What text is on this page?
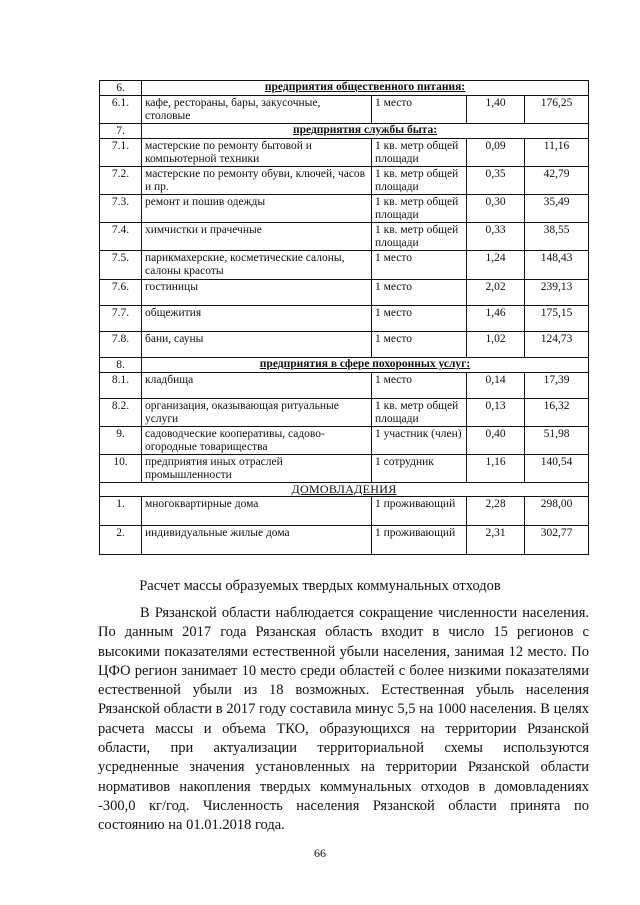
6.	предприятия общественного питания:			
6.1.	кафе, рестораны, бары, закусочные, столовые	1 место	1,40	176,25
7.	предприятия службы быта:			
7.1.	мастерские по ремонту бытовой и компьютерной техники	1 кв. метр общей площади	0,09	11,16
7.2.	мастерские по ремонту обуви, ключей, часов и пр.	1 кв. метр общей площади	0,35	42,79
7.3.	ремонт и пошив одежды	1 кв. метр общей площади	0,30	35,49
7.4.	химчистки и прачечные	1 кв. метр общей площади	0,33	38,55
7.5.	парикмахерские, косметические салоны, салоны красоты	1 место	1,24	148,43
7.6.	гостиницы	1 место	2,02	239,13
7.7.	общежития	1 место	1,46	175,15
7.8.	бани, сауны	1 место	1,02	124,73
8.	предприятия в сфере похоронных услуг:			
8.1.	кладбища	1 место	0,14	17,39
8.2.	организация, оказывающая ритуальные услуги	1 кв. метр общей площади	0,13	16,32
9.	садоводческие кооперативы, садово-огородные товарищества	1 участник (член)	0,40	51,98
10.	предприятия иных отраслей промышленности	1 сотрудник	1,16	140,54
ДОМОВЛАДЕНИЯ				
1.	многоквартирные дома	1 проживающий	2,28	298,00
2.	индивидуальные жилые дома	1 проживающий	2,31	302,77
Расчет массы образуемых твердых коммунальных отходов

В Рязанской области наблюдается сокращение численности населения. По данным 2017 года Рязанская область входит в число 15 регионов с высокими показателями естественной убыли населения, занимая 12 место. По ЦФО регион занимает 10 место среди областей с более низкими показателями естественной убыли из 18 возможных. Естественная убыль населения Рязанской области в 2017 году составила минус 5,5 на 1000 населения. В целях расчета массы и объема ТКО, образующихся на территории Рязанской области, при актуализации территориальной схемы используются усредненные значения установленных на территории Рязанской области нормативов накопления твердых коммунальных отходов в домовладениях -300,0 кг/год. Численность населения Рязанской области принята по состоянию на 01.01.2018 года.

66
